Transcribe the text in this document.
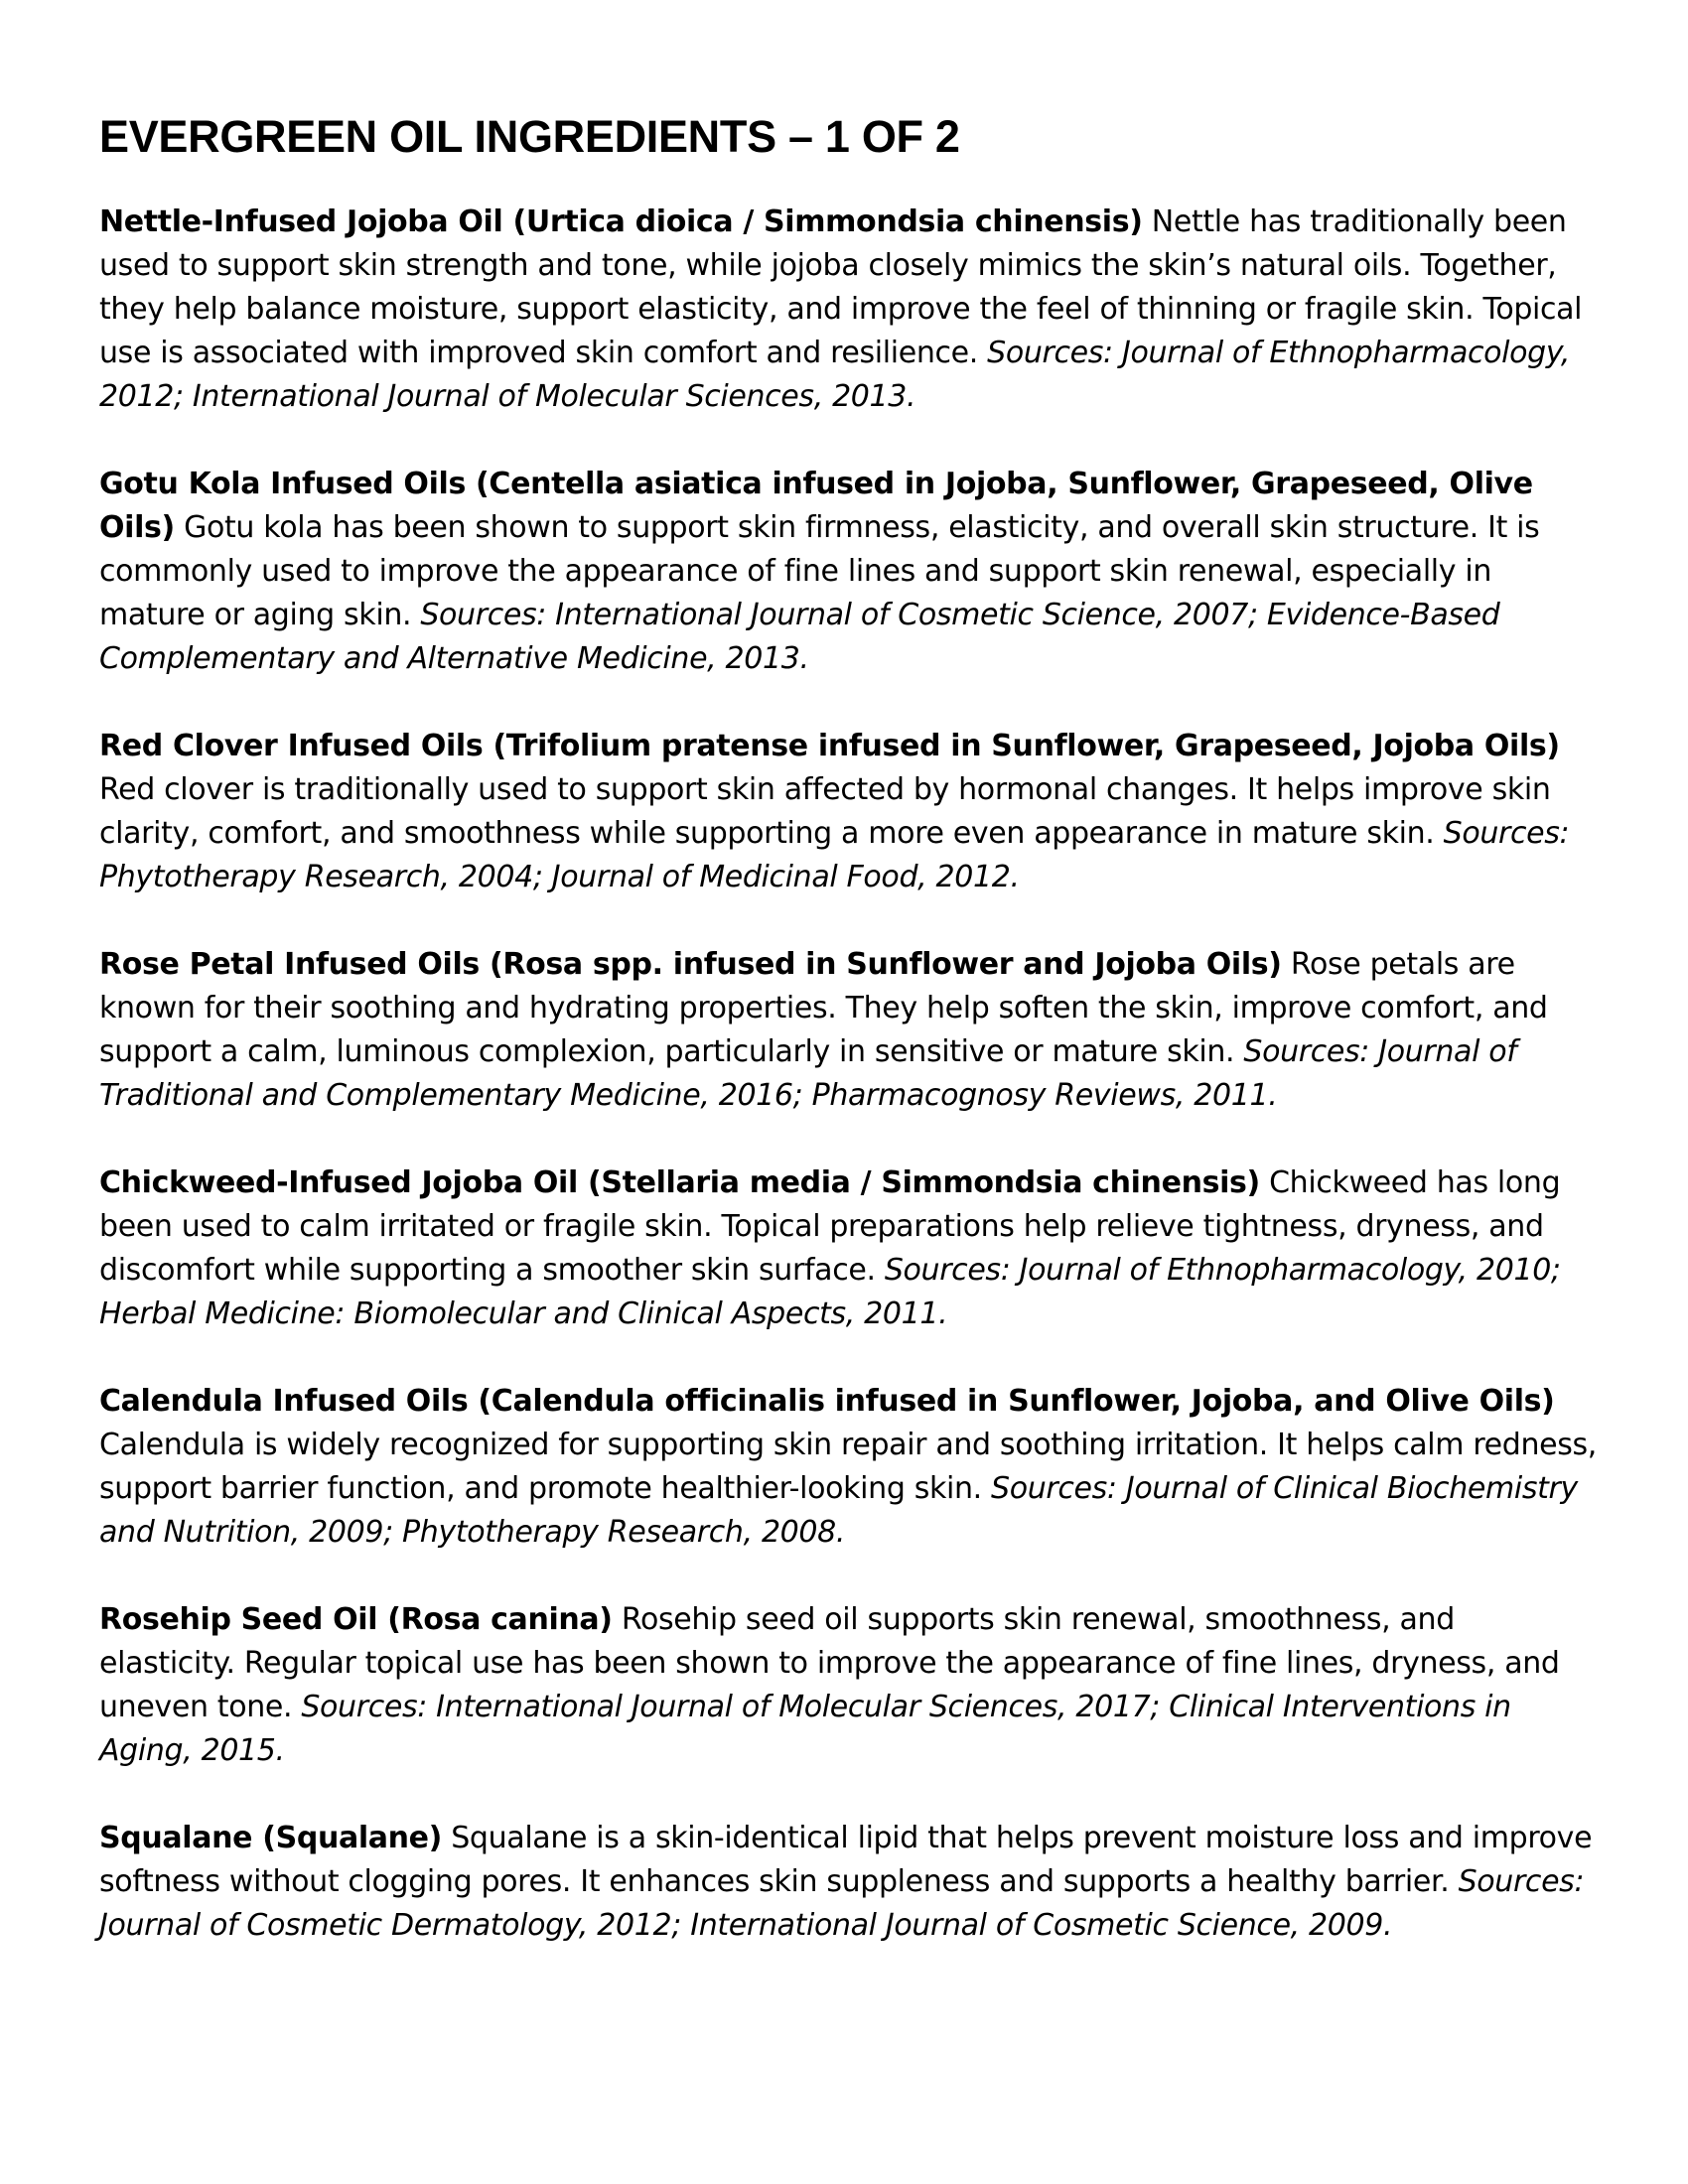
EVERGREEN OIL INGREDIENTS – 1 OF 2

Nettle-Infused Jojoba Oil (Urtica dioica / Simmondsia chinensis) Nettle has traditionally been used to support skin strength and tone, while jojoba closely mimics the skin’s natural oils. Together, they help balance moisture, support elasticity, and improve the feel of thinning or fragile skin. Topical use is associated with improved skin comfort and resilience. Sources: Journal of Ethnopharmacology, 2012; International Journal of Molecular Sciences, 2013.

Gotu Kola Infused Oils (Centella asiatica infused in Jojoba, Sunflower, Grapeseed, Olive Oils) Gotu kola has been shown to support skin firmness, elasticity, and overall skin structure. It is commonly used to improve the appearance of fine lines and support skin renewal, especially in mature or aging skin. Sources: International Journal of Cosmetic Science, 2007; Evidence-Based Complementary and Alternative Medicine, 2013.

Red Clover Infused Oils (Trifolium pratense infused in Sunflower, Grapeseed, Jojoba Oils) Red clover is traditionally used to support skin affected by hormonal changes. It helps improve skin clarity, comfort, and smoothness while supporting a more even appearance in mature skin. Sources: Phytotherapy Research, 2004; Journal of Medicinal Food, 2012.

Rose Petal Infused Oils (Rosa spp. infused in Sunflower and Jojoba Oils) Rose petals are known for their soothing and hydrating properties. They help soften the skin, improve comfort, and support a calm, luminous complexion, particularly in sensitive or mature skin. Sources: Journal of Traditional and Complementary Medicine, 2016; Pharmacognosy Reviews, 2011.

Chickweed-Infused Jojoba Oil (Stellaria media / Simmondsia chinensis) Chickweed has long been used to calm irritated or fragile skin. Topical preparations help relieve tightness, dryness, and discomfort while supporting a smoother skin surface. Sources: Journal of Ethnopharmacology, 2010; Herbal Medicine: Biomolecular and Clinical Aspects, 2011.

Calendula Infused Oils (Calendula officinalis infused in Sunflower, Jojoba, and Olive Oils) Calendula is widely recognized for supporting skin repair and soothing irritation. It helps calm redness, support barrier function, and promote healthier-looking skin. Sources: Journal of Clinical Biochemistry and Nutrition, 2009; Phytotherapy Research, 2008.

Rosehip Seed Oil (Rosa canina) Rosehip seed oil supports skin renewal, smoothness, and elasticity. Regular topical use has been shown to improve the appearance of fine lines, dryness, and uneven tone. Sources: International Journal of Molecular Sciences, 2017; Clinical Interventions in Aging, 2015.

Squalane (Squalane) Squalane is a skin-identical lipid that helps prevent moisture loss and improve softness without clogging pores. It enhances skin suppleness and supports a healthy barrier. Sources: Journal of Cosmetic Dermatology, 2012; International Journal of Cosmetic Science, 2009.
